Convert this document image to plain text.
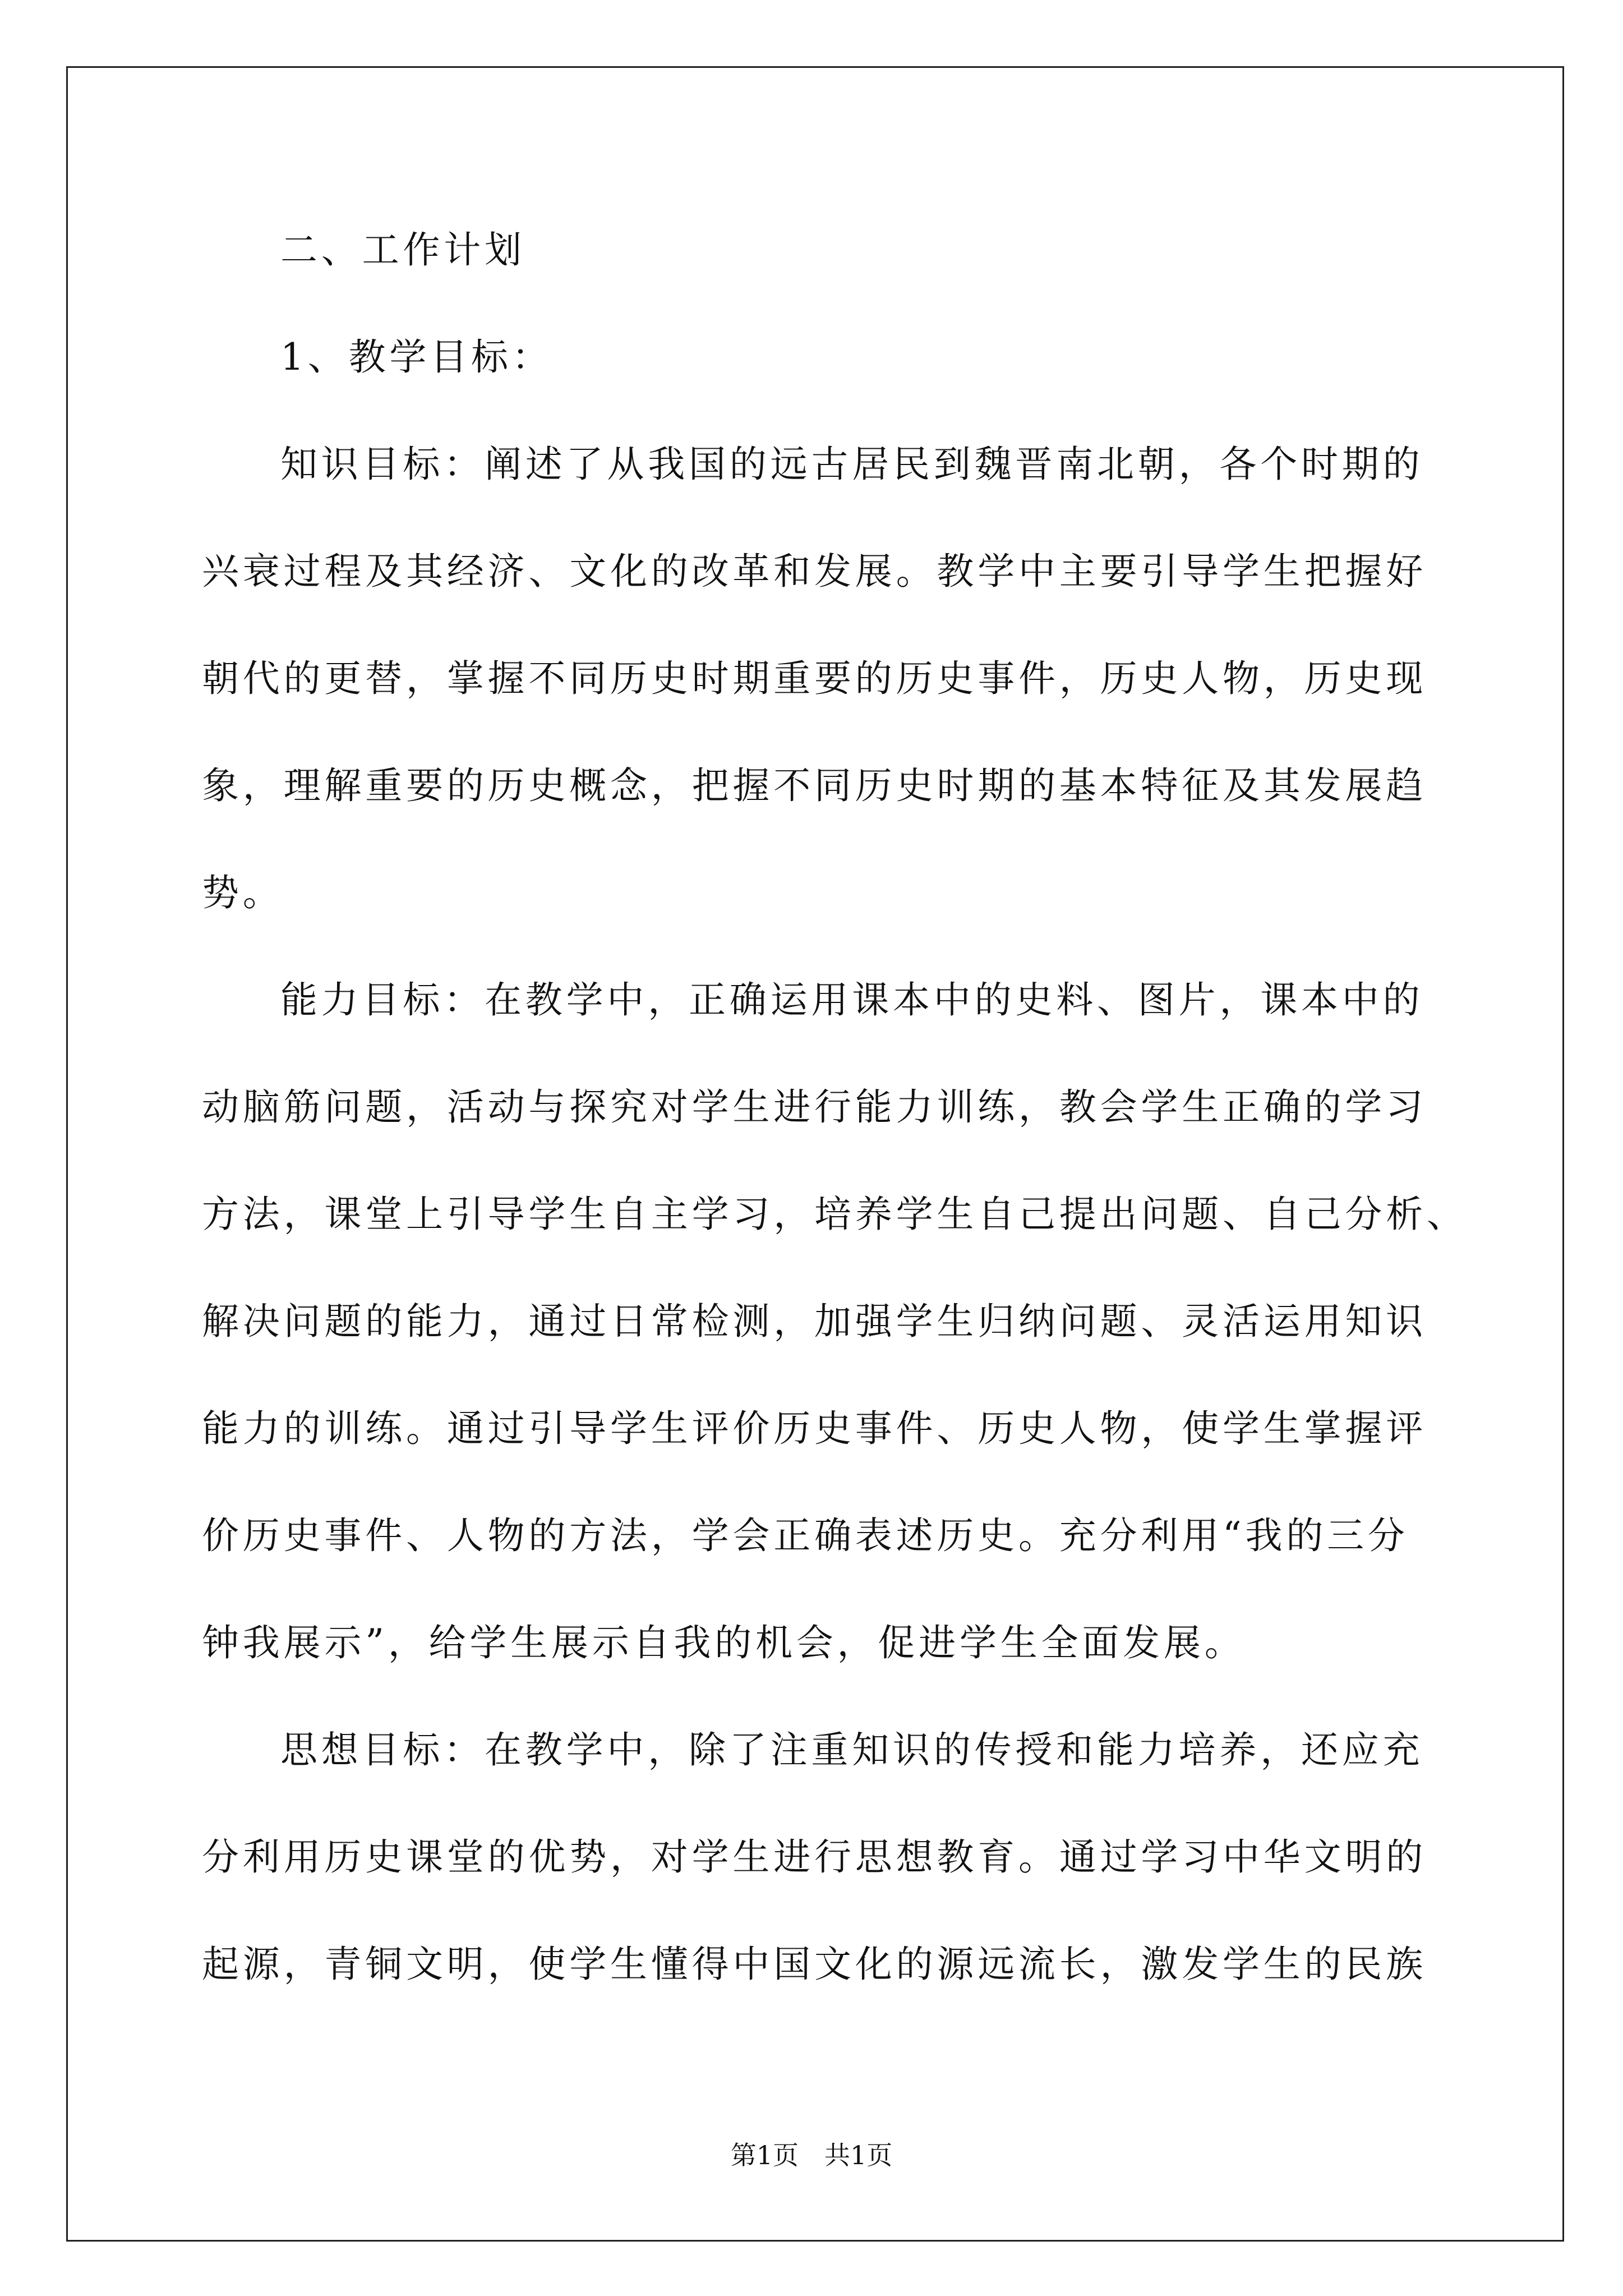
二、工作计划
1、教学目标：
知识目标：阐述了从我国的远古居民到魏晋南北朝，各个时期的
兴衰过程及其经济、文化的改革和发展。教学中主要引导学生把握好
朝代的更替，掌握不同历史时期重要的历史事件，历史人物，历史现
象，理解重要的历史概念，把握不同历史时期的基本特征及其发展趋
势。
能力目标：在教学中，正确运用课本中的史料、图片，课本中的
动脑筋问题，活动与探究对学生进行能力训练，教会学生正确的学习
方法，课堂上引导学生自主学习，培养学生自己提出问题、自己分析、
解决问题的能力，通过日常检测，加强学生归纳问题、灵活运用知识
能力的训练。通过引导学生评价历史事件、历史人物，使学生掌握评
价历史事件、人物的方法，学会正确表述历史。充分利用“我的三分
钟我展示”，给学生展示自我的机会，促进学生全面发展。
思想目标：在教学中，除了注重知识的传授和能力培养，还应充
分利用历史课堂的优势，对学生进行思想教育。通过学习中华文明的
起源，青铜文明，使学生懂得中国文化的源远流长，激发学生的民族
第1页　共1页
